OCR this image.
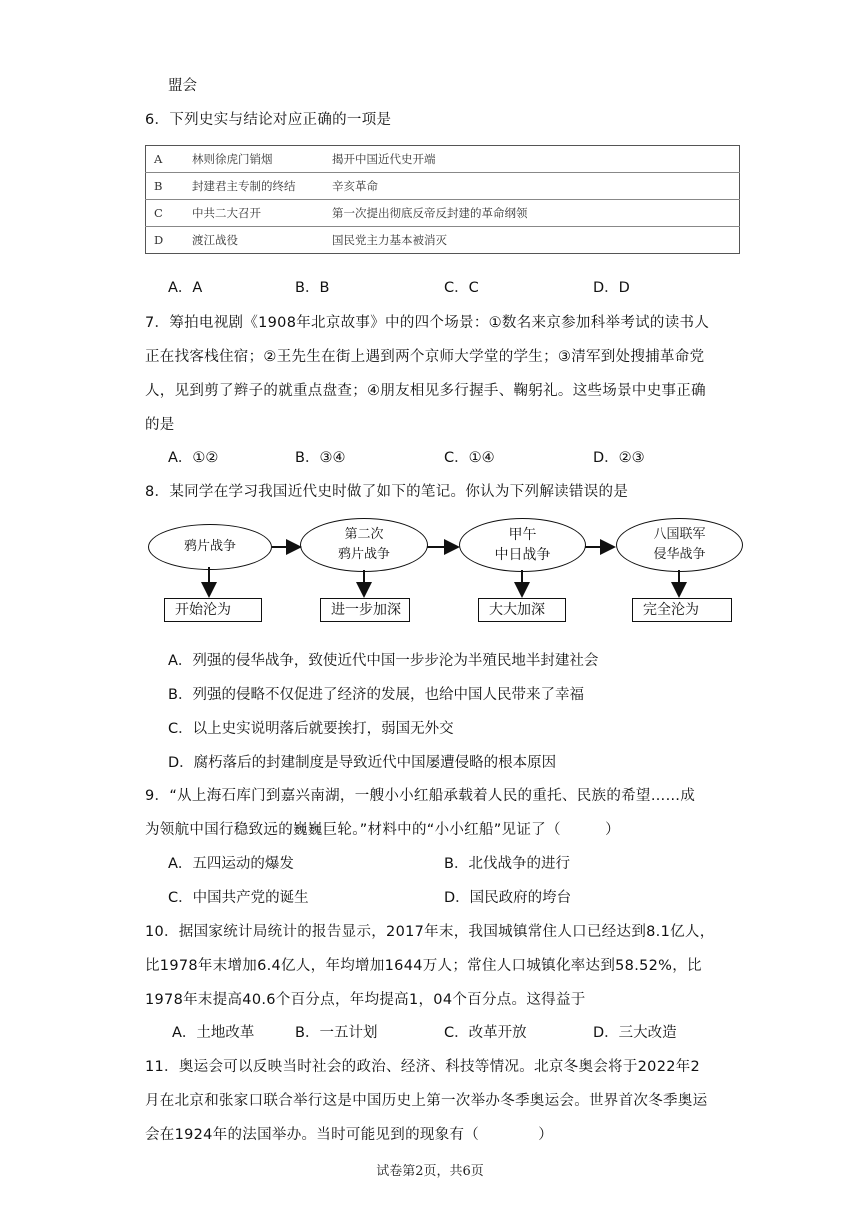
盟会
6．下列史实与结论对应正确的一项是
A	林则徐虎门销烟	揭开中国近代史开端
B	封建君主专制的终结	辛亥革命
C	中共二大召开	第一次提出彻底反帝反封建的革命纲领
D	渡江战役	国民党主力基本被消灭
A．A	B．B	C．C	D．D
7．筹拍电视剧《1908年北京故事》中的四个场景：①数名来京参加科举考试的读书人
正在找客栈住宿；②王先生在街上遇到两个京师大学堂的学生；③清军到处搜捕革命党
人，见到剪了辫子的就重点盘查；④朋友相见多行握手、鞠躬礼。这些场景中史事正确
的是
A．①②	B．③④	C．①④	D．②③
8．某同学在学习我国近代史时做了如下的笔记。你认为下列解读错误的是
鸦片战争
第二次
鸦片战争
甲午
中日战争
八国联军
侵华战争
开始沦为	进一步加深	大大加深	完全沦为
A．列强的侵华战争，致使近代中国一步步沦为半殖民地半封建社会
B．列强的侵略不仅促进了经济的发展，也给中国人民带来了幸福
C．以上史实说明落后就要挨打，弱国无外交
D．腐朽落后的封建制度是导致近代中国屡遭侵略的根本原因
9．“从上海石库门到嘉兴南湖，一艘小小红船承载着人民的重托、民族的希望……成
为领航中国行稳致远的巍巍巨轮。”材料中的“小小红船”见证了（　　　）
A．五四运动的爆发	B．北伐战争的进行
C．中国共产党的诞生	D．国民政府的垮台
10．据国家统计局统计的报告显示，2017年末，我国城镇常住人口已经达到8.1亿人，
比1978年末增加6.4亿人，年均增加1644万人；常住人口城镇化率达到58.52%，比
1978年末提高40.6个百分点，年均提高1，04个百分点。这得益于
A．土地改革	B．一五计划	C．改革开放	D．三大改造
11．奥运会可以反映当时社会的政治、经济、科技等情况。北京冬奥会将于2022年2
月在北京和张家口联合举行这是中国历史上第一次举办冬季奥运会。世界首次冬季奥运
会在1924年的法国举办。当时可能见到的现象有（　　　　）
试卷第2页，共6页
